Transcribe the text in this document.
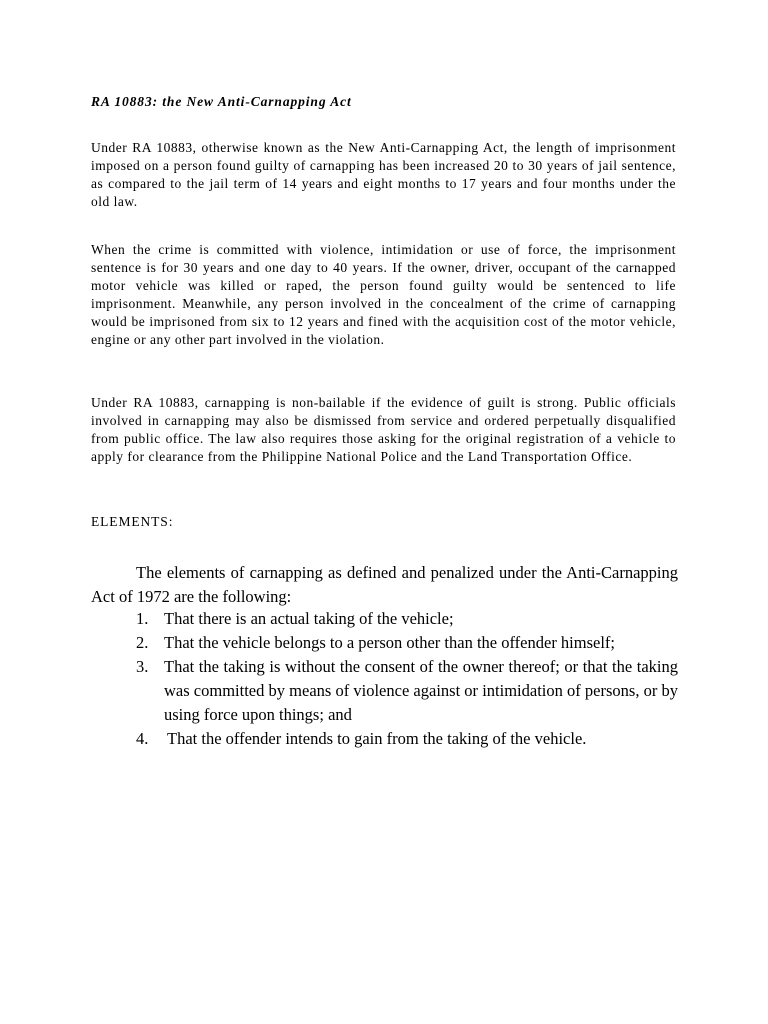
RA 10883: the New Anti-Carnapping Act

Under RA 10883, otherwise known as the New Anti-Carnapping Act, the length of imprisonment imposed on a person found guilty of carnapping has been increased 20 to 30 years of jail sentence, as compared to the jail term of 14 years and eight months to 17 years and four months under the old law.

When the crime is committed with violence, intimidation or use of force, the imprisonment sentence is for 30 years and one day to 40 years. If the owner, driver, occupant of the carnapped motor vehicle was killed or raped, the person found guilty would be sentenced to life imprisonment. Meanwhile, any person involved in the concealment of the crime of carnapping would be imprisoned from six to 12 years and fined with the acquisition cost of the motor vehicle, engine or any other part involved in the violation.

Under RA 10883, carnapping is non-bailable if the evidence of guilt is strong. Public officials involved in carnapping may also be dismissed from service and ordered perpetually disqualified from public office. The law also requires those asking for the original registration of a vehicle to apply for clearance from the Philippine National Police and the Land Transportation Office.

ELEMENTS:

The elements of carnapping as defined and penalized under the Anti-Carnapping Act of 1972 are the following:

1. That there is an actual taking of the vehicle;
2. That the vehicle belongs to a person other than the offender himself;
3. That the taking is without the consent of the owner thereof; or that the taking was committed by means of violence against or intimidation of persons, or by using force upon things; and
4. That the offender intends to gain from the taking of the vehicle.
